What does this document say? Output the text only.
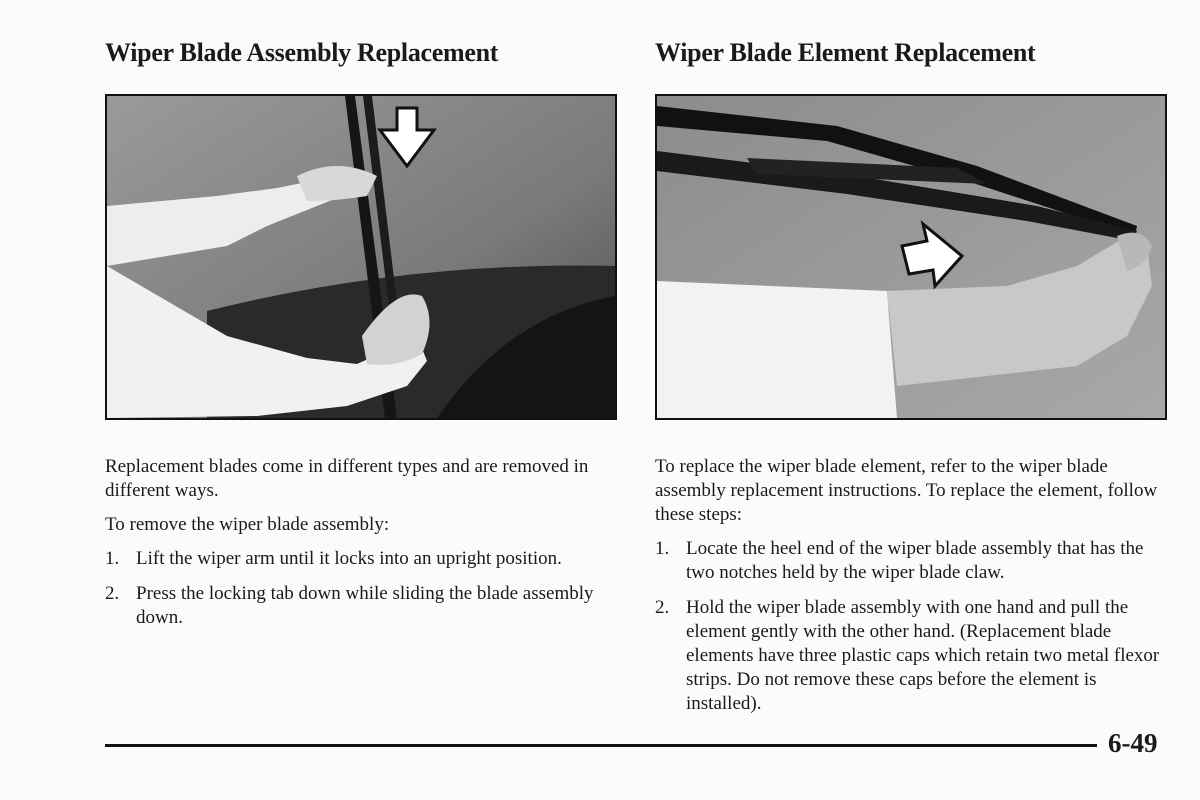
Wiper Blade Assembly Replacement

Replacement blades come in different types and are removed in different ways.

To remove the wiper blade assembly:

1. Lift the wiper arm until it locks into an upright position.
2. Press the locking tab down while sliding the blade assembly down.
Wiper Blade Element Replacement

To replace the wiper blade element, refer to the wiper blade assembly replacement instructions. To replace the element, follow these steps:

1. Locate the heel end of the wiper blade assembly that has the two notches held by the wiper blade claw.
2. Hold the wiper blade assembly with one hand and pull the element gently with the other hand. (Replacement blade elements have three plastic caps which retain two metal flexor strips. Do not remove these caps before the element is installed).
6-49
